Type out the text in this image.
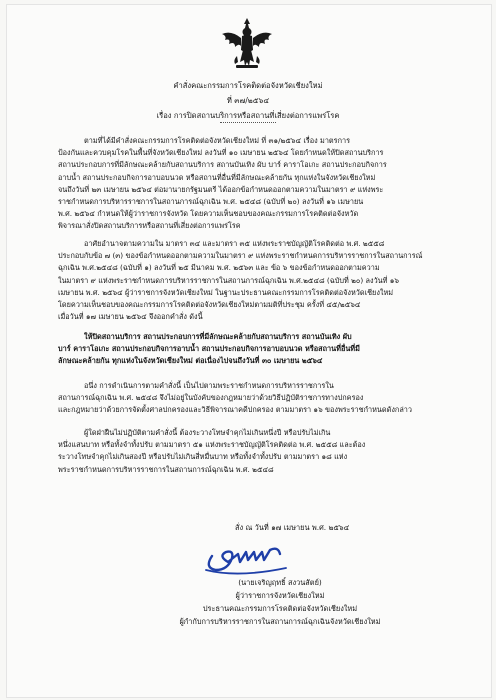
คำสั่งคณะกรรมการโรคติดต่อจังหวัดเชียงใหม่
ที่ ๓๗/๒๕๖๔
เรื่อง การปิดสถานบริการหรือสถานที่เสี่ยงต่อการแพร่โรค

ตามที่ได้มีคำสั่งคณะกรรมการโรคติดต่อจังหวัดเชียงใหม่ ที่ ๓๑/๒๕๖๔ เรื่อง มาตรการ

ป้องกันและควบคุมโรคในพื้นที่จังหวัดเชียงใหม่ ลงวันที่ ๑๐ เมษายน ๒๕๖๔ โดยกำหนดให้ปิดสถานบริการ

สถานประกอบการที่มีลักษณะคล้ายกับสถานบริการ สถานบันเทิง ผับ บาร์ คาราโอเกะ สถานประกอบกิจการ

อาบน้ำ สถานประกอบกิจการอาบอบนวด หรือสถานที่อื่นที่มีลักษณะคล้ายกัน ทุกแห่งในจังหวัดเชียงใหม่

จนถึงวันที่ ๒๓ เมษายน ๒๕๖๔ ต่อมานายกรัฐมนตรี ได้ออกข้อกำหนดออกตามความในมาตรา ๙ แห่งพระ

ราชกำหนดการบริหารราชการในสถานการณ์ฉุกเฉิน พ.ศ. ๒๕๔๘ (ฉบับที่ ๒๐) ลงวันที่ ๑๖ เมษายน

พ.ศ. ๒๕๖๔ กำหนดให้ผู้ว่าราชการจังหวัด โดยความเห็นชอบของคณะกรรมการโรคติดต่อจังหวัด

พิจารณาสั่งปิดสถานบริการหรือสถานที่เสี่ยงต่อการแพร่โรค

อาศัยอำนาจตามความใน มาตรา ๓๔ และมาตรา ๓๕ แห่งพระราชบัญญัติโรคติดต่อ พ.ศ. ๒๕๕๘

ประกอบกับข้อ ๗ (๓) ของข้อกำหนดออกตามความในมาตรา ๙ แห่งพระราชกำหนดการบริหารราชการในสถานการณ์

ฉุกเฉิน พ.ศ.๒๕๔๘ (ฉบับที่ ๑) ลงวันที่ ๒๕ มีนาคม พ.ศ. ๒๕๖๓ และ ข้อ ๖ ของข้อกำหนดออกตามความ

ในมาตรา ๙ แห่งพระราชกำหนดการบริหารราชการในสถานการณ์ฉุกเฉิน พ.ศ.๒๕๔๘ (ฉบับที่ ๒๐) ลงวันที่ ๑๖

เมษายน พ.ศ. ๒๕๖๔ ผู้ว่าราชการจังหวัดเชียงใหม่ ในฐานะประธานคณะกรรมการโรคติดต่อจังหวัดเชียงใหม่

โดยความเห็นชอบของคณะกรรมการโรคติดต่อจังหวัดเชียงใหม่ตามมติที่ประชุม ครั้งที่ ๔๕/๒๕๖๔

เมื่อวันที่ ๑๗ เมษายน ๒๕๖๔ จึงออกคำสั่ง ดังนี้

ให้ปิดสถานบริการ สถานประกอบการที่มีลักษณะคล้ายกับสถานบริการ สถานบันเทิง ผับ

บาร์ คาราโอเกะ สถานประกอบกิจการอาบน้ำ สถานประกอบกิจการอาบอบนวด หรือสถานที่อื่นที่มี

ลักษณะคล้ายกัน ทุกแห่งในจังหวัดเชียงใหม่ ต่อเนื่องไปจนถึงวันที่ ๓๐ เมษายน ๒๕๖๔

อนึ่ง การดำเนินการตามคำสั่งนี้ เป็นไปตามพระราชกำหนดการบริหารราชการใน

สถานการณ์ฉุกเฉิน พ.ศ. ๒๕๔๘ จึงไม่อยู่ในบังคับของกฎหมายว่าด้วยวิธีปฏิบัติราชการทางปกครอง

และกฎหมายว่าด้วยการจัดตั้งศาลปกครองและวิธีพิจารณาคดีปกครอง ตามมาตรา ๑๖ ของพระราชกำหนดดังกล่าว

ผู้ใดฝ่าฝืนไม่ปฏิบัติตามคำสั่งนี้ ต้องระวางโทษจำคุกไม่เกินหนึ่งปี หรือปรับไม่เกิน

หนึ่งแสนบาท หรือทั้งจำทั้งปรับ ตามมาตรา ๕๑ แห่งพระราชบัญญัติโรคติดต่อ พ.ศ. ๒๕๕๘ และต้อง

ระวางโทษจำคุกไม่เกินสองปี หรือปรับไม่เกินสี่หมื่นบาท หรือทั้งจำทั้งปรับ ตามมาตรา ๑๘ แห่ง

พระราชกำหนดการบริหารราชการในสถานการณ์ฉุกเฉิน พ.ศ. ๒๕๔๘

สั่ง ณ วันที่ ๑๗ เมษายน พ.ศ. ๒๕๖๔
(นายเจริญฤทธิ์ สงวนสัตย์)
ผู้ว่าราชการจังหวัดเชียงใหม่
ประธานคณะกรรมการโรคติดต่อจังหวัดเชียงใหม่
ผู้กำกับการบริหารราชการในสถานการณ์ฉุกเฉินจังหวัดเชียงใหม่
